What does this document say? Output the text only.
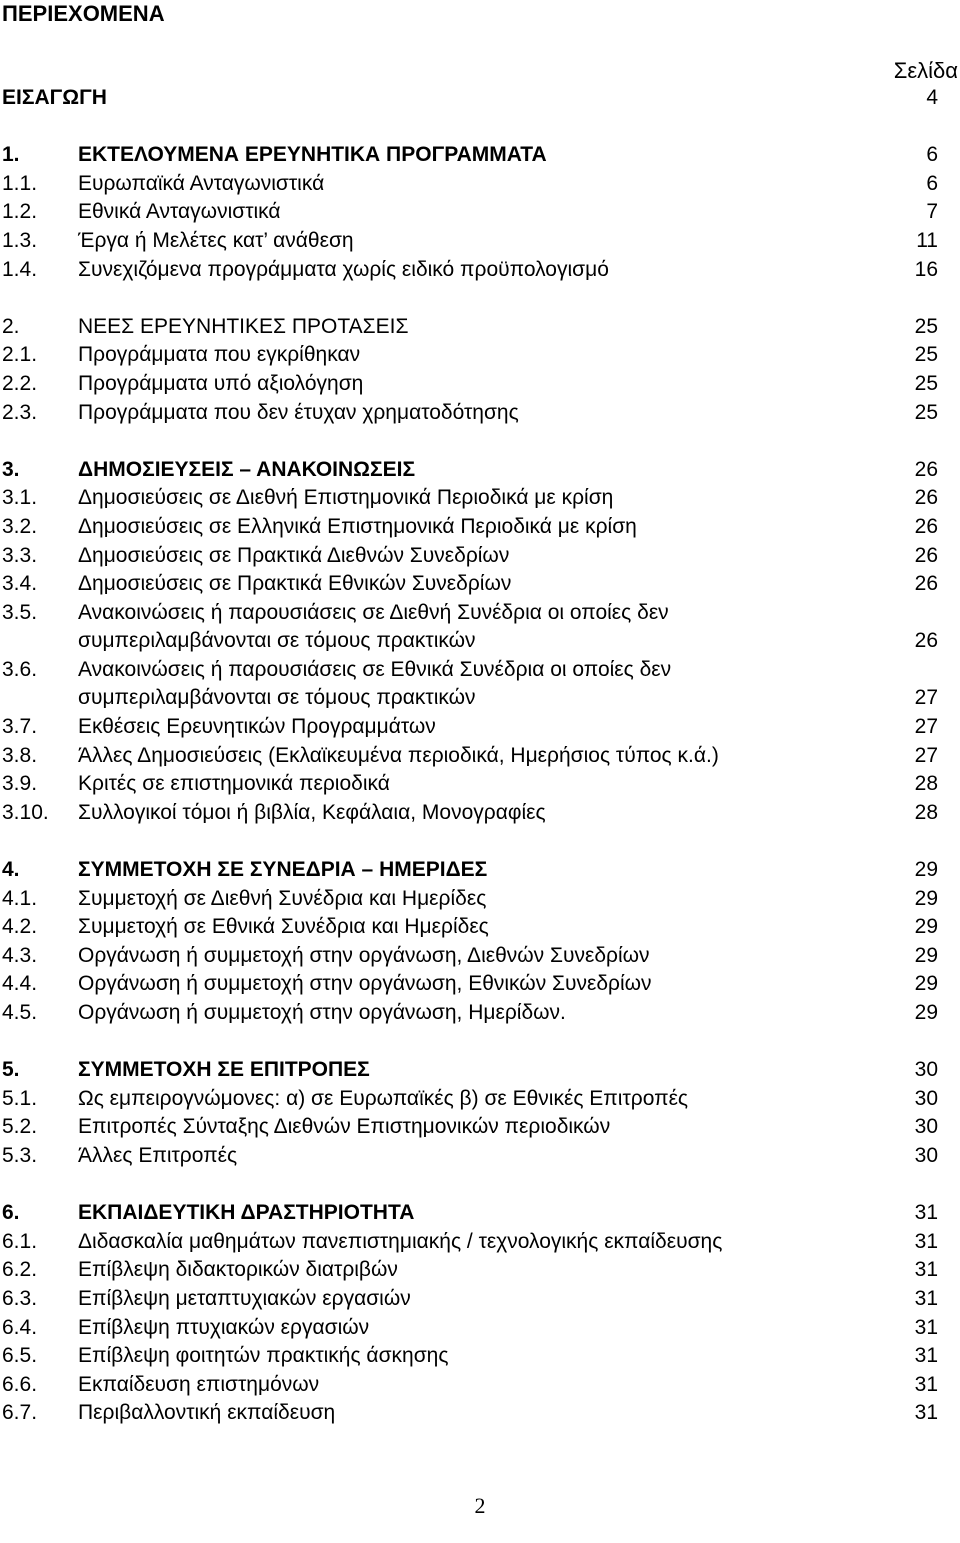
ΠΕΡΙΕΧΟΜΕΝΑ
Σελίδα
ΕΙΣΑΓΩΓΗ	4
1.	ΕΚΤΕΛΟΥΜΕΝΑ ΕΡΕΥΝΗΤΙΚΑ ΠΡΟΓΡΑΜΜΑΤΑ	6
1.1. Ευρωπαϊκά Ανταγωνιστικά	6
1.2. Εθνικά Ανταγωνιστικά	7
1.3. Έργα ή Μελέτες κατ’ ανάθεση	11
1.4. Συνεχιζόμενα προγράμματα χωρίς ειδικό προϋπολογισμό	16
2.	ΝΕΕΣ ΕΡΕΥΝΗΤΙΚΕΣ ΠΡΟΤΑΣΕΙΣ	25
2.1. Προγράμματα που εγκρίθηκαν	25
2.2. Προγράμματα υπό αξιολόγηση	25
2.3. Προγράμματα που δεν έτυχαν χρηματοδότησης	25
3.	ΔΗΜΟΣΙΕΥΣΕΙΣ – ΑΝΑΚΟΙΝΩΣΕΙΣ	26
3.1. Δημοσιεύσεις σε Διεθνή Επιστημονικά Περιοδικά με κρίση	26
3.2. Δημοσιεύσεις σε Ελληνικά Επιστημονικά Περιοδικά με κρίση	26
3.3. Δημοσιεύσεις σε Πρακτικά Διεθνών Συνεδρίων	26
3.4. Δημοσιεύσεις σε Πρακτικά Εθνικών Συνεδρίων	26
3.5. Ανακοινώσεις ή παρουσιάσεις σε Διεθνή Συνέδρια οι οποίες δεν συμπεριλαμβάνονται σε τόμους πρακτικών	26
3.6. Ανακοινώσεις ή παρουσιάσεις σε Εθνικά Συνέδρια οι οποίες δεν συμπεριλαμβάνονται σε τόμους πρακτικών	27
3.7. Εκθέσεις Ερευνητικών Προγραμμάτων	27
3.8. Άλλες Δημοσιεύσεις (Εκλαϊκευμένα περιοδικά, Ημερήσιος τύπος κ.ά.)	27
3.9. Κριτές σε επιστημονικά περιοδικά	28
3.10. Συλλογικοί τόμοι ή βιβλία, Κεφάλαια, Μονογραφίες	28
4.	ΣΥΜΜΕΤΟΧΗ ΣΕ ΣΥΝΕΔΡΙΑ – ΗΜΕΡΙΔΕΣ	29
4.1. Συμμετοχή σε Διεθνή Συνέδρια και Ημερίδες	29
4.2. Συμμετοχή σε Εθνικά Συνέδρια και Ημερίδες	29
4.3. Οργάνωση ή συμμετοχή στην οργάνωση, Διεθνών Συνεδρίων	29
4.4. Οργάνωση ή συμμετοχή στην οργάνωση, Εθνικών Συνεδρίων	29
4.5. Οργάνωση ή συμμετοχή στην οργάνωση, Ημερίδων.	29
5.	ΣΥΜΜΕΤΟΧΗ ΣΕ ΕΠΙΤΡΟΠΕΣ	30
5.1. Ως εμπειρογνώμονες: α) σε Ευρωπαϊκές β) σε Εθνικές Επιτροπές	30
5.2. Επιτροπές Σύνταξης Διεθνών Επιστημονικών περιοδικών	30
5.3. Άλλες Επιτροπές	30
6.	ΕΚΠΑΙΔΕΥΤΙΚΗ ΔΡΑΣΤΗΡΙΟΤΗΤΑ	31
6.1. Διδασκαλία μαθημάτων πανεπιστημιακής / τεχνολογικής εκπαίδευσης	31
6.2. Επίβλεψη διδακτορικών διατριβών	31
6.3. Επίβλεψη μεταπτυχιακών εργασιών	31
6.4. Επίβλεψη πτυχιακών εργασιών	31
6.5. Επίβλεψη φοιτητών πρακτικής άσκησης	31
6.6. Εκπαίδευση επιστημόνων	31
6.7. Περιβαλλοντική εκπαίδευση	31
2
